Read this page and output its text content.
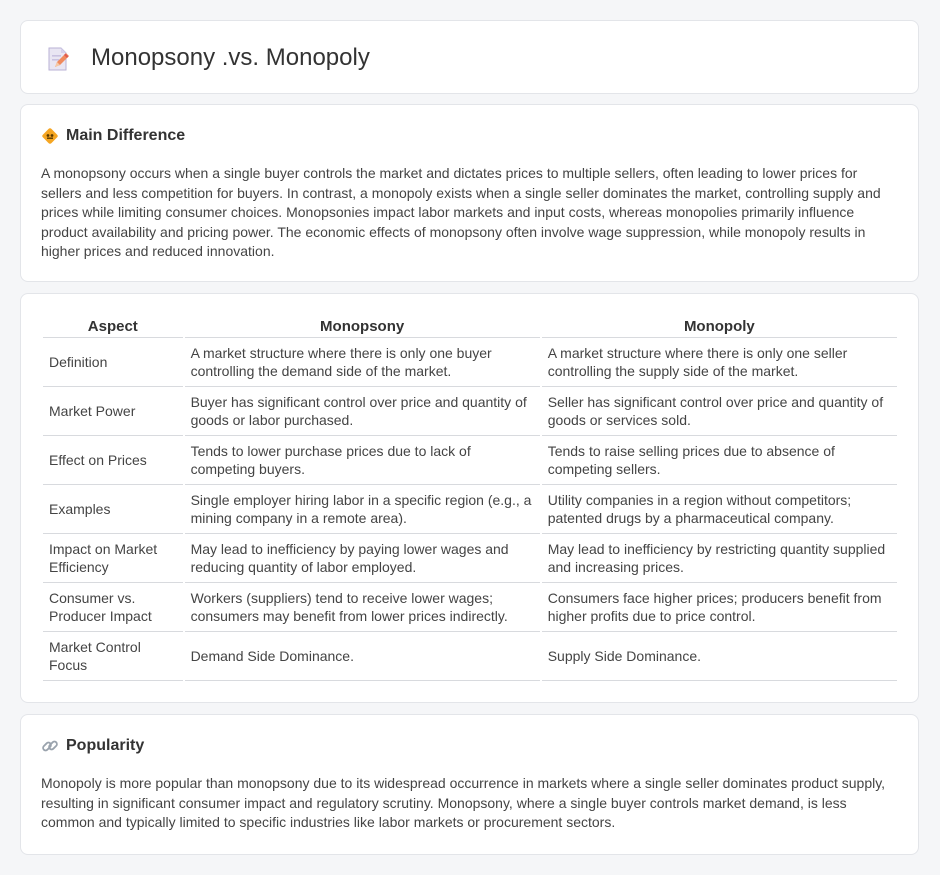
Monopsony .vs. Monopoly
Main Difference

A monopsony occurs when a single buyer controls the market and dictates prices to multiple sellers, often leading to lower prices for sellers and less competition for buyers. In contrast, a monopoly exists when a single seller dominates the market, controlling supply and prices while limiting consumer choices. Monopsonies impact labor markets and input costs, whereas monopolies primarily influence product availability and pricing power. The economic effects of monopsony often involve wage suppression, while monopoly results in higher prices and reduced innovation.

Aspect	Monopsony	Monopoly
Definition	A market structure where there is only one buyer controlling the demand side of the market.	A market structure where there is only one seller controlling the supply side of the market.
Market Power	Buyer has significant control over price and quantity of goods or labor purchased.	Seller has significant control over price and quantity of goods or services sold.
Effect on Prices	Tends to lower purchase prices due to lack of competing buyers.	Tends to raise selling prices due to absence of competing sellers.
Examples	Single employer hiring labor in a specific region (e.g., a mining company in a remote area).	Utility companies in a region without competitors; patented drugs by a pharmaceutical company.
Impact on Market Efficiency	May lead to inefficiency by paying lower wages and reducing quantity of labor employed.	May lead to inefficiency by restricting quantity supplied and increasing prices.
Consumer vs. Producer Impact	Workers (suppliers) tend to receive lower wages; consumers may benefit from lower prices indirectly.	Consumers face higher prices; producers benefit from higher profits due to price control.
Market Control Focus	Demand Side Dominance.	Supply Side Dominance.
Popularity

Monopoly is more popular than monopsony due to its widespread occurrence in markets where a single seller dominates product supply, resulting in significant consumer impact and regulatory scrutiny. Monopsony, where a single buyer controls market demand, is less common and typically limited to specific industries like labor markets or procurement sectors.
